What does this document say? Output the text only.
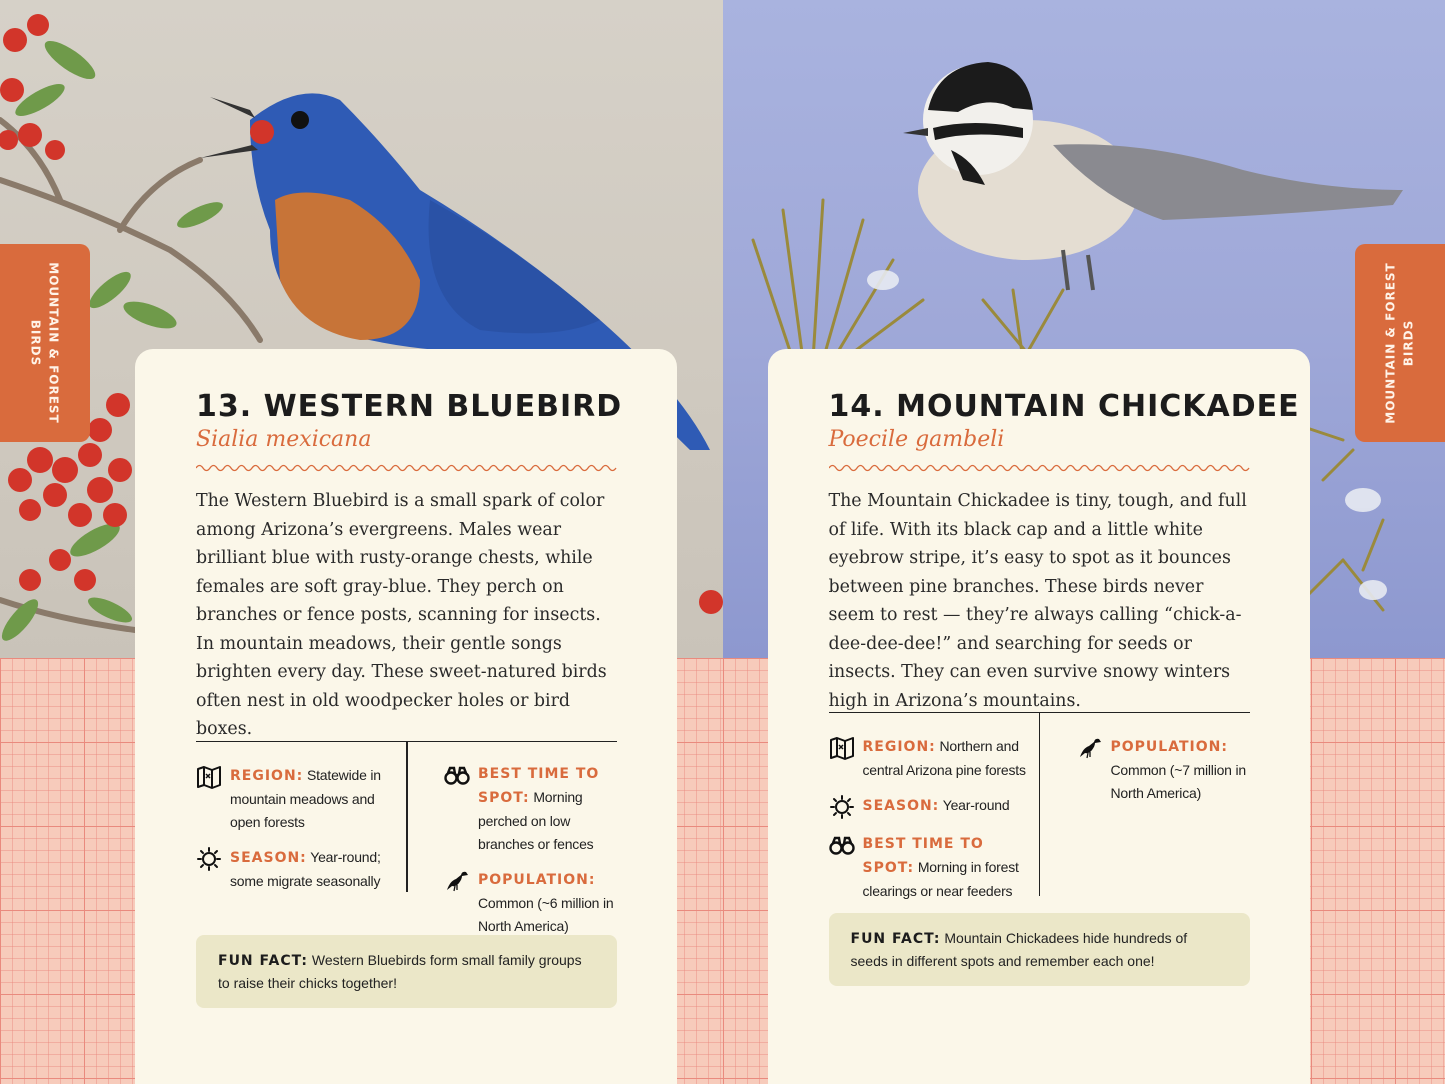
MOUNTAIN & FOREST
BIRDS
13. WESTERN BLUEBIRD
Sialia mexicana
The Western Bluebird is a small spark of color among Arizona’s evergreens. Males wear brilliant blue with rusty-orange chests, while females are soft gray-blue. They perch on branches or fence posts, scanning for insects. In mountain meadows, their gentle songs brighten every day. These sweet-natured birds often nest in old woodpecker holes or bird boxes.
REGION: Statewide in mountain meadows and open forests
SEASON: Year-round; some migrate seasonally
BEST TIME TO SPOT: Morning perched on low branches or fences
POPULATION: Common (~6 million in North America)
FUN FACT: Western Bluebirds form small family groups to raise their chicks together!
MOUNTAIN & FOREST BIRDS
14. MOUNTAIN CHICKADEE
Poecile gambeli
The Mountain Chickadee is tiny, tough, and full of life. With its black cap and a little white eyebrow stripe, it’s easy to spot as it bounces between pine branches. These birds never seem to rest — they’re always calling “chick-a-dee-dee-dee!” and searching for seeds or insects. They can even survive snowy winters high in Arizona’s mountains.
REGION: Northern and central Arizona pine forests
SEASON: Year-round
BEST TIME TO SPOT: Morning in forest clearings or near feeders
POPULATION: Common (~7 million in North America)
FUN FACT: Mountain Chickadees hide hundreds of seeds in different spots and remember each one!
